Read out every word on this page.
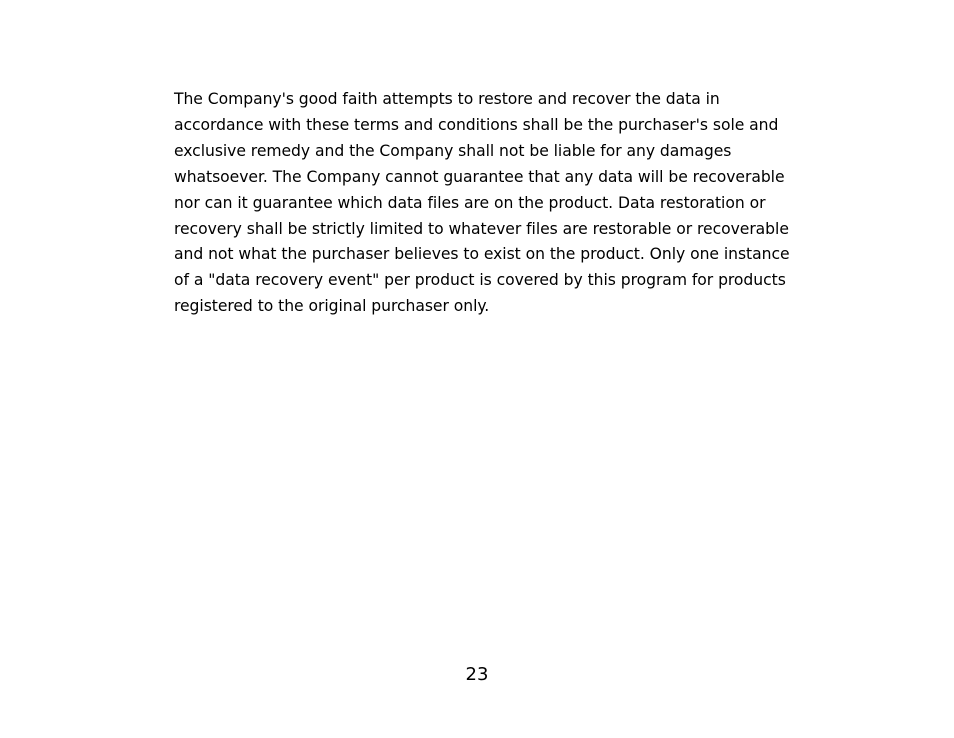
The Company's good faith attempts to restore and recover the data in
accordance with these terms and conditions shall be the purchaser's sole and
exclusive remedy and the Company shall not be liable for any damages
whatsoever. The Company cannot guarantee that any data will be recoverable
nor can it guarantee which data files are on the product. Data restoration or
recovery shall be strictly limited to whatever files are restorable or recoverable
and not what the purchaser believes to exist on the product. Only one instance
of a "data recovery event" per product is covered by this program for products
registered to the original purchaser only.

23
